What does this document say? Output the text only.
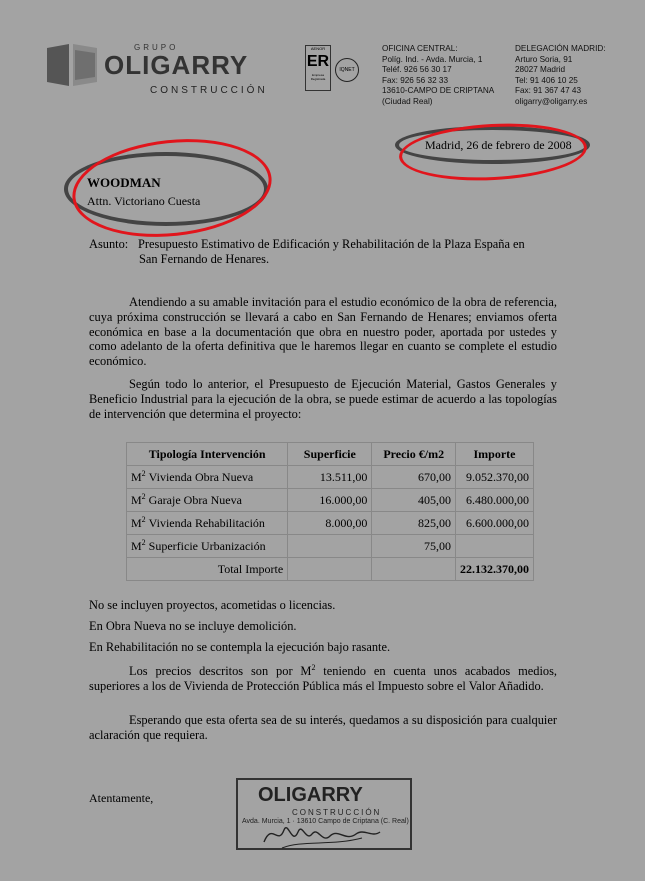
GRUPO
OLIGARRY
CONSTRUCCIÓN
AENOR
ER
Empresa Registrada
IQNET
OFICINA CENTRAL:
Políg. Ind. - Avda. Murcia, 1
Teléf. 926 56 30 17
Fax: 926 56 32 33
13610-CAMPO DE CRIPTANA
(Ciudad Real)
DELEGACIÓN MADRID:
Arturo Soria, 91
28027 Madrid
Tel: 91 406 10 25
Fax: 91 367 47 43
oligarry@oligarry.es
Madrid, 26 de febrero de 2008
WOODMAN
Attn. Victoriano Cuesta
Asunto: Presupuesto Estimativo de Edificación y Rehabilitación de la Plaza España en
San Fernando de Henares.
Atendiendo a su amable invitación para el estudio económico de la obra de referencia, cuya próxima construcción se llevará a cabo en San Fernando de Henares; enviamos oferta económica en base a la documentación que obra en nuestro poder, aportada por ustedes y como adelanto de la oferta definitiva que le haremos llegar en cuanto se complete el estudio económico.
Según todo lo anterior, el Presupuesto de Ejecución Material, Gastos Generales y Beneficio Industrial para la ejecución de la obra, se puede estimar de acuerdo a las topologías de intervención que determina el proyecto:
Tipología Intervención	Superficie	Precio €/m2	Importe
$M^2$ Vivienda Obra Nueva	13.511,00	670,00	9.052.370,00
$M^2$ Garaje Obra Nueva	16.000,00	405,00	6.480.000,00
$M^2$ Vivienda Rehabilitación	8.000,00	825,00	6.600.000,00
$M^2$ Superficie Urbanización		75,00	
Total Importe			22.132.370,00
No se incluyen proyectos, acometidas o licencias.
En Obra Nueva no se incluye demolición.
En Rehabilitación no se contempla la ejecución bajo rasante.
Los precios descritos son por $M^2$ teniendo en cuenta unos acabados medios, superiores a los de Vivienda de Protección Pública más el Impuesto sobre el Valor Añadido.
Esperando que esta oferta sea de su interés, quedamos a su disposición para cualquier aclaración que requiera.
Atentamente,	OLIGARRY
CONSTRUCCIÓN
Avda. Murcia, 1 · 13610 Campo de Criptana (C. Real)
